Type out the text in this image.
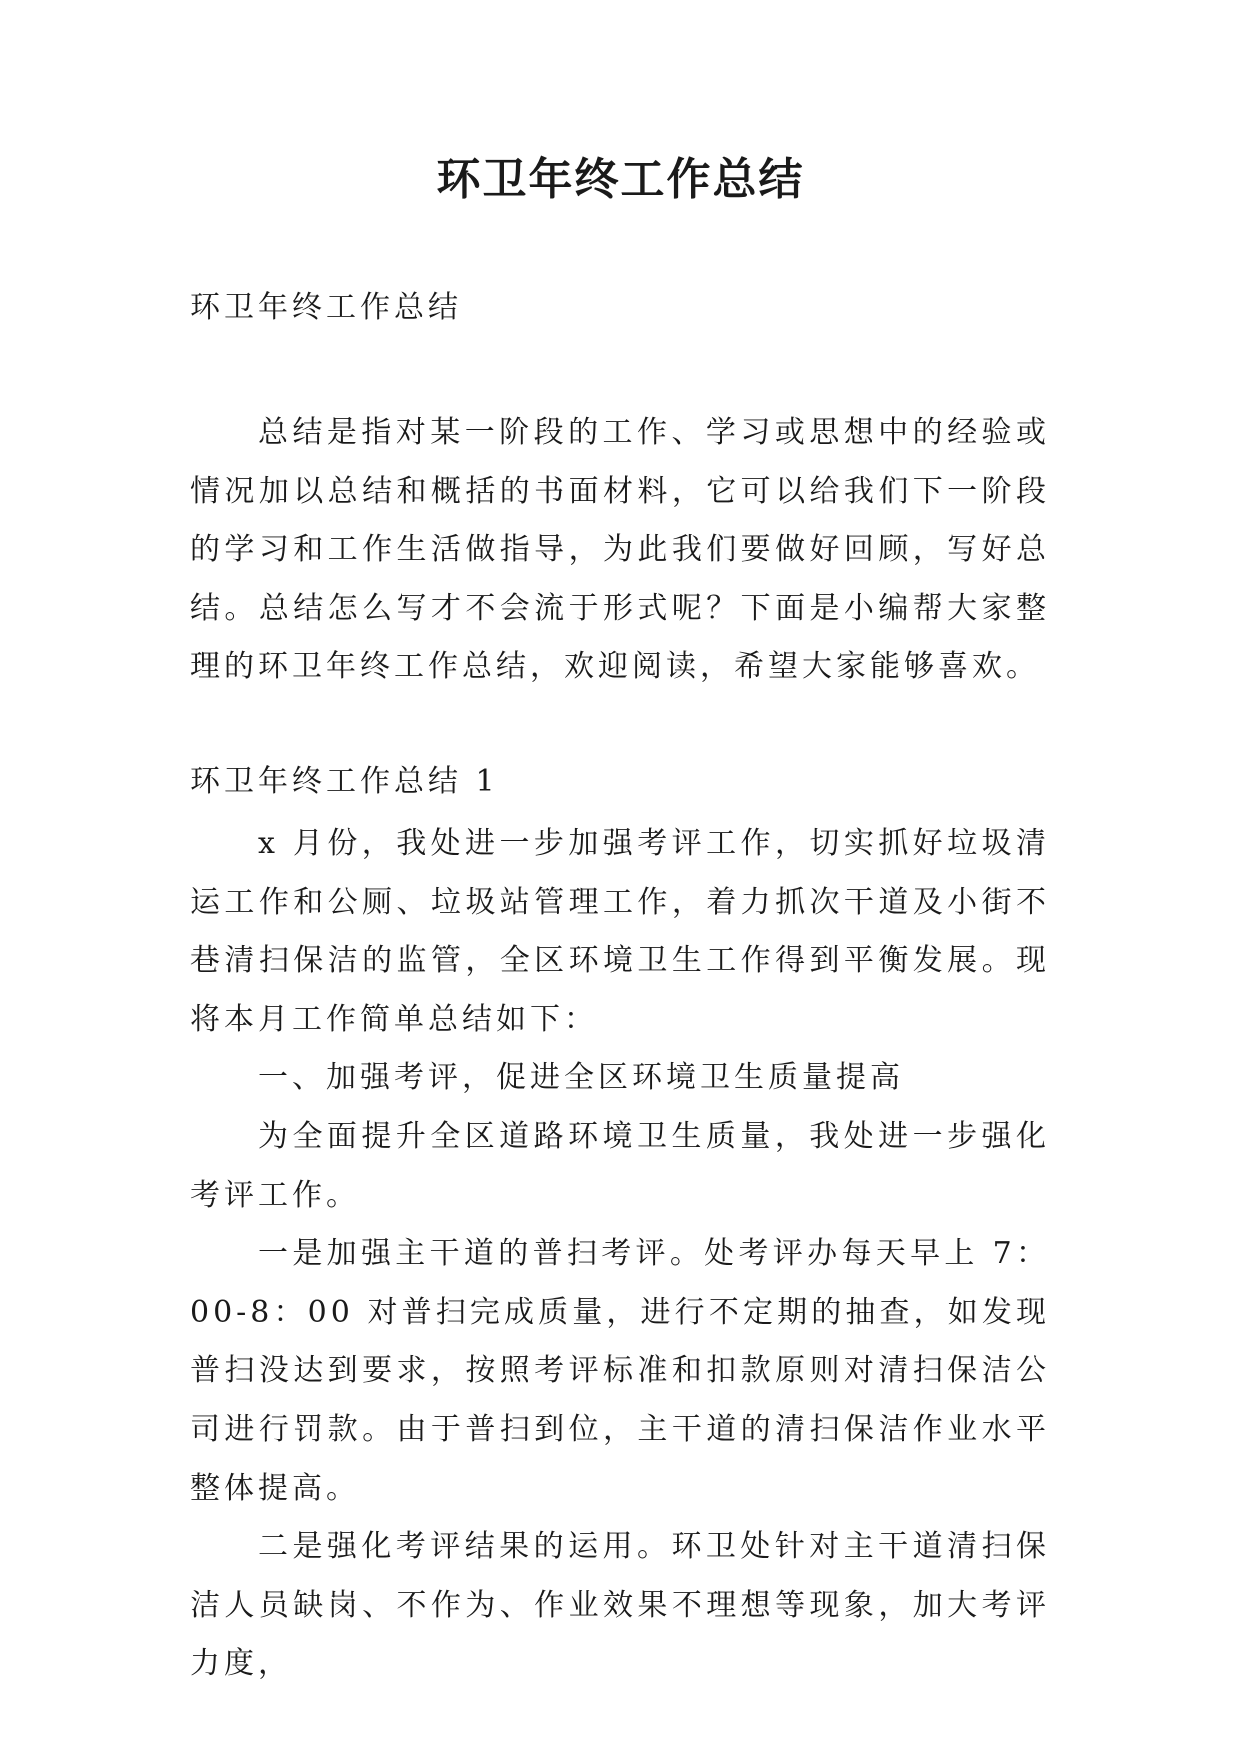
环卫年终工作总结
环卫年终工作总结

总结是指对某一阶段的工作、学习或思想中的经验或情况加以总结和概括的书面材料，它可以给我们下一阶段的学习和工作生活做指导，为此我们要做好回顾，写好总结。总结怎么写才不会流于形式呢？下面是小编帮大家整理的环卫年终工作总结，欢迎阅读，希望大家能够喜欢。

环卫年终工作总结 1

x 月份，我处进一步加强考评工作，切实抓好垃圾清运工作和公厕、垃圾站管理工作，着力抓次干道及小街不巷清扫保洁的监管，全区环境卫生工作得到平衡发展。现将本月工作简单总结如下：

一、加强考评，促进全区环境卫生质量提高

为全面提升全区道路环境卫生质量，我处进一步强化考评工作。

一是加强主干道的普扫考评。处考评办每天早上 7：00-8：00 对普扫完成质量，进行不定期的抽查，如发现普扫没达到要求，按照考评标准和扣款原则对清扫保洁公司进行罚款。由于普扫到位，主干道的清扫保洁作业水平整体提高。

二是强化考评结果的运用。环卫处针对主干道清扫保洁人员缺岗、不作为、作业效果不理想等现象，加大考评力度，
